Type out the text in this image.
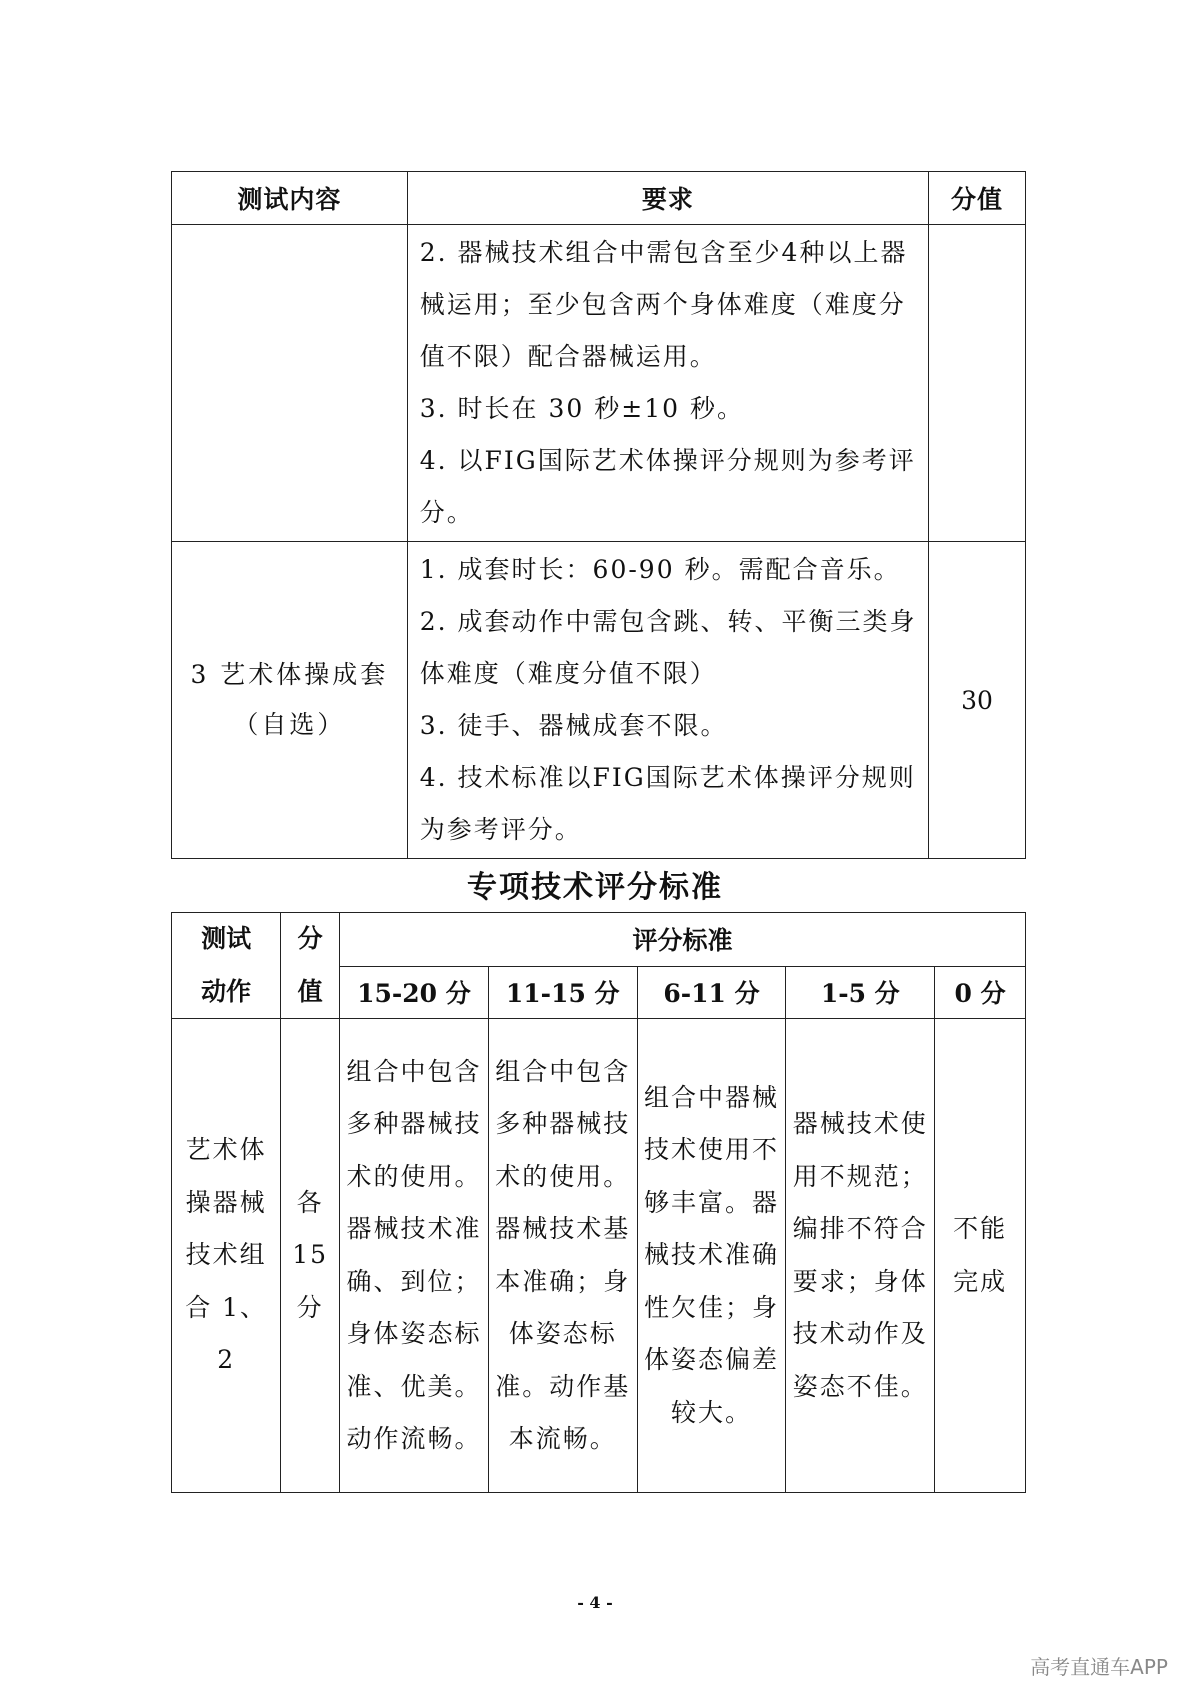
测试内容	要求	分值

	2. 器械技术组合中需包含至少4种以上器械运用；至少包含两个身体难度（难度分值不限）配合器械运用。
3. 时长在 30 秒±10 秒。
4. 以FIG国际艺术体操评分规则为参考评分。	

3 艺术体操成套（自选）	1. 成套时长：60-90 秒。需配合音乐。
2. 成套动作中需包含跳、转、平衡三类身体难度（难度分值不限）
3. 徒手、器械成套不限。
4. 技术标准以FIG国际艺术体操评分规则为参考评分。	30
专项技术评分标准
测试动作	分值	评分标准				
		15-20 分	11-15 分	6-11 分	1-5 分	0 分
艺术体操器械技术组合 1、2	各15分	组合中包含多种器械技术的使用。器械技术准确、到位；身体姿态标准、优美。动作流畅。	组合中包含多种器械技术的使用。器械技术基本准确；身体姿态标准。动作基本流畅。	组合中器械技术使用不够丰富。器械技术准确性欠佳；身体姿态偏差较大。	器械技术使用不规范；编排不符合要求；身体技术动作及姿态不佳。	不能完成
- 4 -
高考直通车APP
